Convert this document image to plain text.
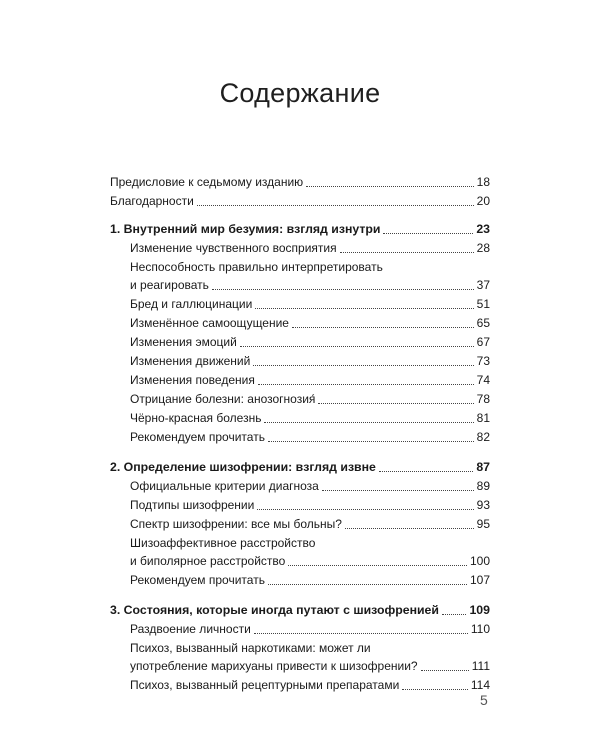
Содержание
Предисловие к седьмому изданию	18
Благодарности	20
1. Внутренний мир безумия: взгляд изнутри	23
Изменение чувственного восприятия	28
Неспособность правильно интерпретировать
и реагировать	37
Бред и галлюцинации	51
Изменённое самоощущение	65
Изменения эмоций	67
Изменения движений	73
Изменения поведения	74
Отрицание болезни: анозогнозия́	78
Чёрно-красная болезнь	81
Рекомендуем прочитать	82
2. Определение шизофрении: взгляд извне	87
Официальные критерии диагноза	89
Подтипы шизофрении	93
Спектр шизофрении: все мы больны?	95
Шизоаффективное расстройство
и биполярное расстройство	100
Рекомендуем прочитать	107
3. Состояния, которые иногда путают с шизофренией 109
Раздвоение личности	110
Психоз, вызванный наркотиками: может ли
употребление марихуаны привести к шизофрении?	111
Психоз, вызванный рецептурными препаратами	114
5
